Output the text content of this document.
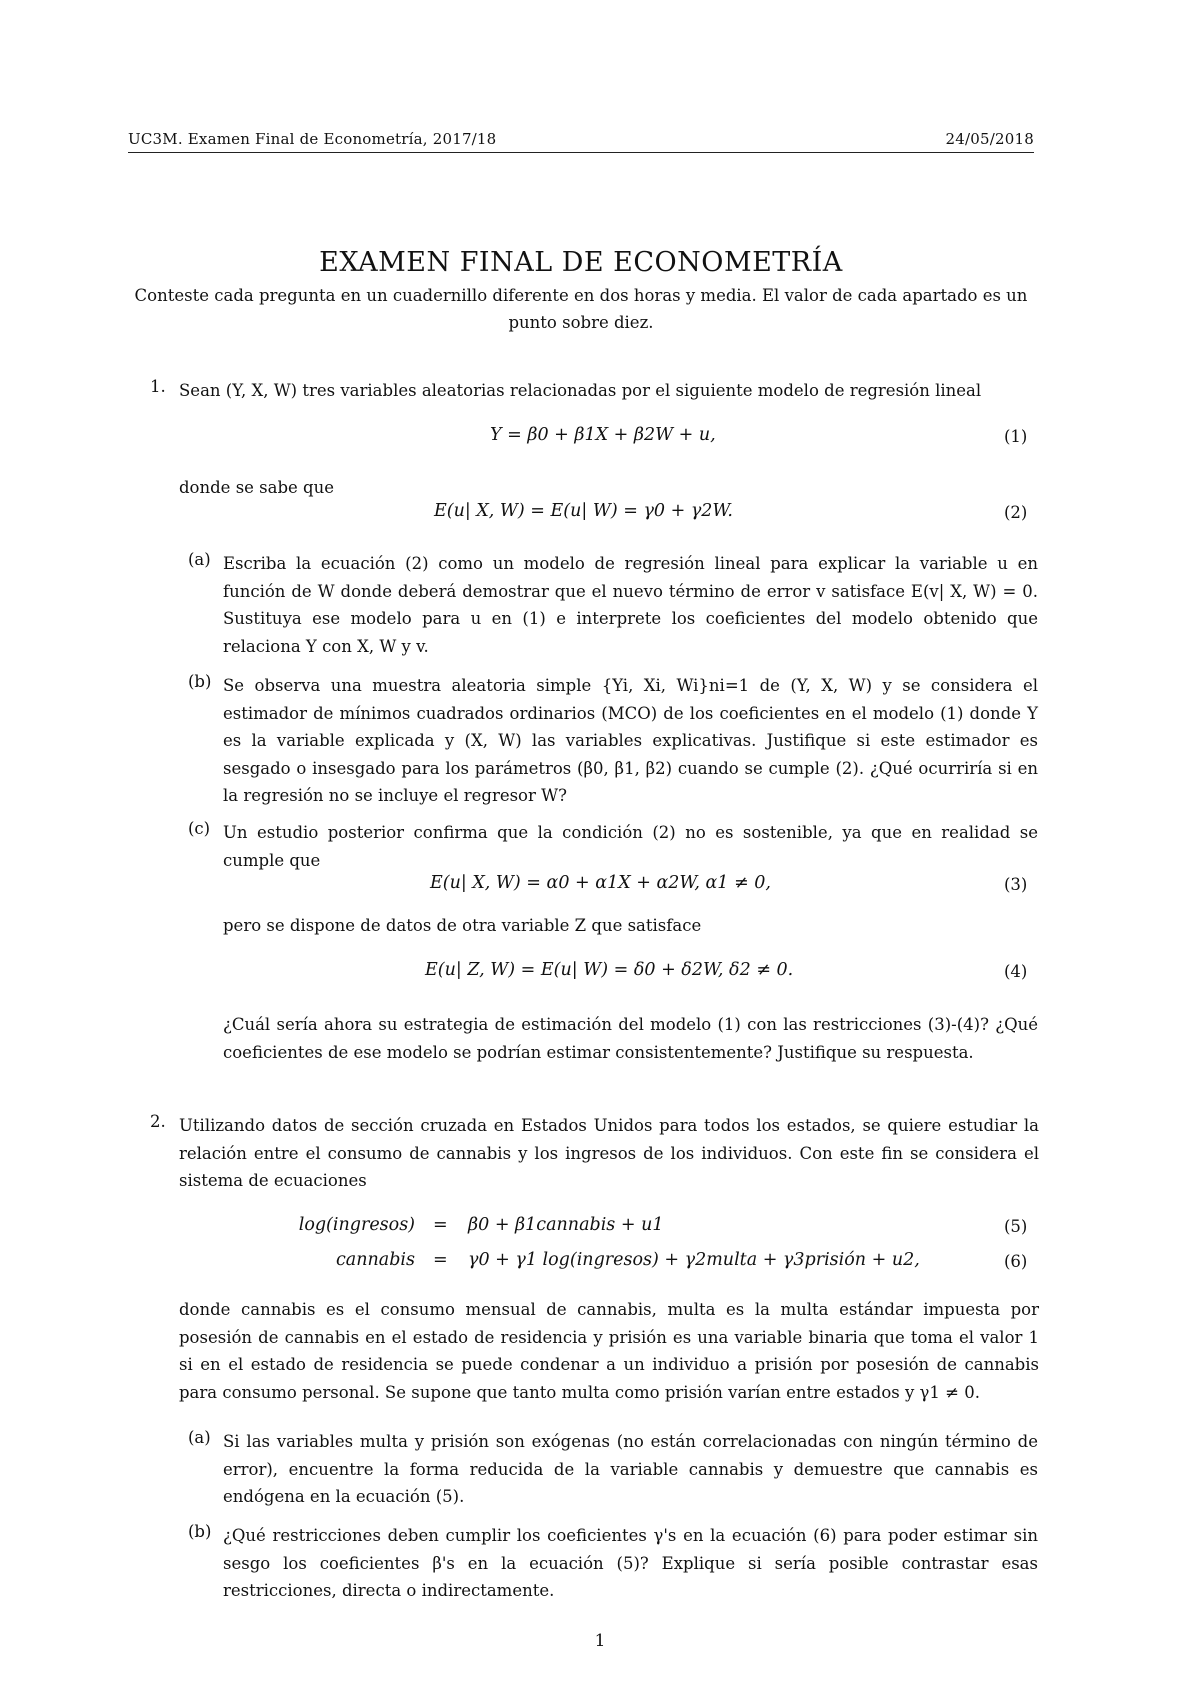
UC3M. Examen Final de Econometría, 2017/18	24/05/2018
EXAMEN FINAL DE ECONOMETRÍA
Conteste cada pregunta en un cuadernillo diferente en dos horas y media. El valor de cada apartado es un punto sobre diez.
1. Sean (Y, X, W) tres variables aleatorias relacionadas por el siguiente modelo de regresión lineal
Y = β0 + β1X + β2W + u,	(1)
donde se sabe que
E(u| X, W) = E(u| W) = γ0 + γ2W.	(2)
(a) Escriba la ecuación (2) como un modelo de regresión lineal para explicar la variable u en función de W donde deberá demostrar que el nuevo término de error v satisface E(v| X, W) = 0. Sustituya ese modelo para u en (1) e interprete los coeficientes del modelo obtenido que relaciona Y con X, W y v.
(b) Se observa una muestra aleatoria simple {Yi, Xi, Wi}ni=1 de (Y, X, W) y se considera el estimador de mínimos cuadrados ordinarios (MCO) de los coeficientes en el modelo (1) donde Y es la variable explicada y (X, W) las variables explicativas. Justifique si este estimador es sesgado o insesgado para los parámetros (β0, β1, β2) cuando se cumple (2). ¿Qué ocurriría si en la regresión no se incluye el regresor W?
(c) Un estudio posterior confirma que la condición (2) no es sostenible, ya que en realidad se cumple que
E(u| X, W) = α0 + α1X + α2W, α1 ≠ 0,	(3)
pero se dispone de datos de otra variable Z que satisface
E(u| Z, W) = E(u| W) = δ0 + δ2W, δ2 ≠ 0.	(4)
¿Cuál sería ahora su estrategia de estimación del modelo (1) con las restricciones (3)-(4)? ¿Qué coeficientes de ese modelo se podrían estimar consistentemente? Justifique su respuesta.
2. Utilizando datos de sección cruzada en Estados Unidos para todos los estados, se quiere estudiar la relación entre el consumo de cannabis y los ingresos de los individuos. Con este fin se considera el sistema de ecuaciones
log(ingresos) = β0 + β1cannabis + u1	(5)
cannabis = γ0 + γ1 log(ingresos) + γ2multa + γ3prisión + u2,	(6)
donde cannabis es el consumo mensual de cannabis, multa es la multa estándar impuesta por posesión de cannabis en el estado de residencia y prisión es una variable binaria que toma el valor 1 si en el estado de residencia se puede condenar a un individuo a prisión por posesión de cannabis para consumo personal. Se supone que tanto multa como prisión varían entre estados y γ1 ≠ 0.
(a) Si las variables multa y prisión son exógenas (no están correlacionadas con ningún término de error), encuentre la forma reducida de la variable cannabis y demuestre que cannabis es endógena en la ecuación (5).
(b) ¿Qué restricciones deben cumplir los coeficientes γ's en la ecuación (6) para poder estimar sin sesgo los coeficientes β's en la ecuación (5)? Explique si sería posible contrastar esas restricciones, directa o indirectamente.
1
